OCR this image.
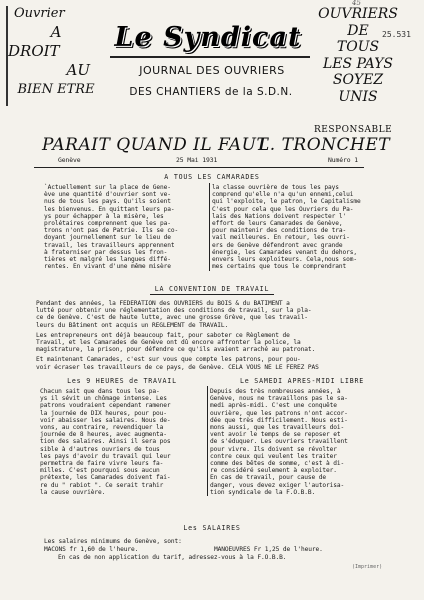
Ouvrier
A
DROIT
AU
BIEN ETRE
Le Syndicat
JOURNAL DES OUVRIERS
DES CHANTIERS de la S.D.N.
OUVRIERS
DE
TOUS
LES PAYS
SOYEZ
UNIS
45
25.531
RESPONSABLE
PARAIT QUAND IL FAUT
L. TRONCHET
Genève	25 Mai 1931	Numéro 1
A TOUS LES CAMARADES
`Actuellement sur la place de Gene-
ève une quantité d'ouvrier sont ve-
nus de tous les pays. Qu'ils soient
les bienvenus. En quittant leurs pa-
ys pour échapper à la misère, les
prolétaires comprennent que les pa-
trons n'ont pas de Patrie. Ils se co-
doyant journellement sur le lieu de
travail, les travailleurs apprennent
à fraterniser par dessus les fron-
tières et malgré les langues diffé-
rentes. En vivant d'une même misère
la classe ouvrière de tous les pays
comprend qu'elle n'a qu'un ennemi,celui
qui l'exploite, le patron, le Capitalisme
C'est pour cela que les Ouvriers du Pa-
lais des Nations doivent respecter l'
effort de leurs Camarades de Genève,
pour maintenir des conditions de tra-
vail meilleures. En retour, les ouvri-
ers de Genève défendront avec grande
énergie, les Camarades venant du dehors,
envers leurs exploiteurs. Cela,nous som-
mes certains que tous le comprendrant
LA CONVENTION DE TRAVAIL
Pendant des années, la FEDERATION des OUVRIERS du BOIS & du BATIMENT a
lutté pour obtenir une réglementation des conditions de travail, sur la pla-
ce de Genève. C'est de haute lutte, avec une grosse Grève, que les travail-
leurs du Bâtiment ont acquis un REGLEMENT de TRAVAIL.
Les entrepreneurs ont déjà beaucoup fait, pour saboter ce Règlement de
Travail, et les Camarades de Genève ont dû encore affronter la police, la
magistrature, la prison, pour défendre ce qu'ils avaient arraché au patronat.
Et maintenant Camarades, c'est sur vous que compte les patrons, pour pou-
voir écraser les travailleurs de ce pays, de Genève. CELA VOUS NE LE FEREZ PAS
Les 9 HEURES de TRAVAIL	Le SAMEDI APRES-MIDI LIBRE
Chacun sait que dans tous les pa-
ys il sévit un chômage intense. Les
patrons voudraient cependant ramener
la journée de DIX heures, pour pou-
voir abaisser les salaires. Nous de-
vons, au contraire, revendiquer la
journée de 8 heures, avec augmenta-
tion des salaires. Ainsi il sera pos
sible à d'autres ouvriers de tous
les pays d'avoir du travail qui leur
permettra de faire vivre leurs fa-
milles. C'est pourquoi sous aucun
prétexte, les Camarades doivent fai-
re du " rabiot ". Ce serait trahir
la cause ouvrière.
Depuis des très nombreuses années, à
Genève, nous ne travaillons pas le sa-
medi après-midi. C'est une conquête
ouvrière, que les patrons n'ont accor-
dée que très difficilement. Nous esti-
mons aussi, que les travailleurs doi-
vent avoir le temps de se reposer et
de s'éduquer. Les ouvriers travaillent
pour vivre. Ils doivent se révolter
contre ceux qui veulent les traiter
comme des bêtes de somme, c'est à di-
re considéré seulement à exploiter.
En cas de travail, pour cause de
danger, vous devez exiger l'autorisa-
tion syndicale de la F.O.B.B.
Les SALAIRES
Les salaires minimums de Genève, sont:
MACONS fr 1,60 de l'heure.	MANOEUVRES Fr 1,25 de l'heure.
En cas de non application du tarif, adressez-vous à la F.O.B.B.
(Imprimer)
